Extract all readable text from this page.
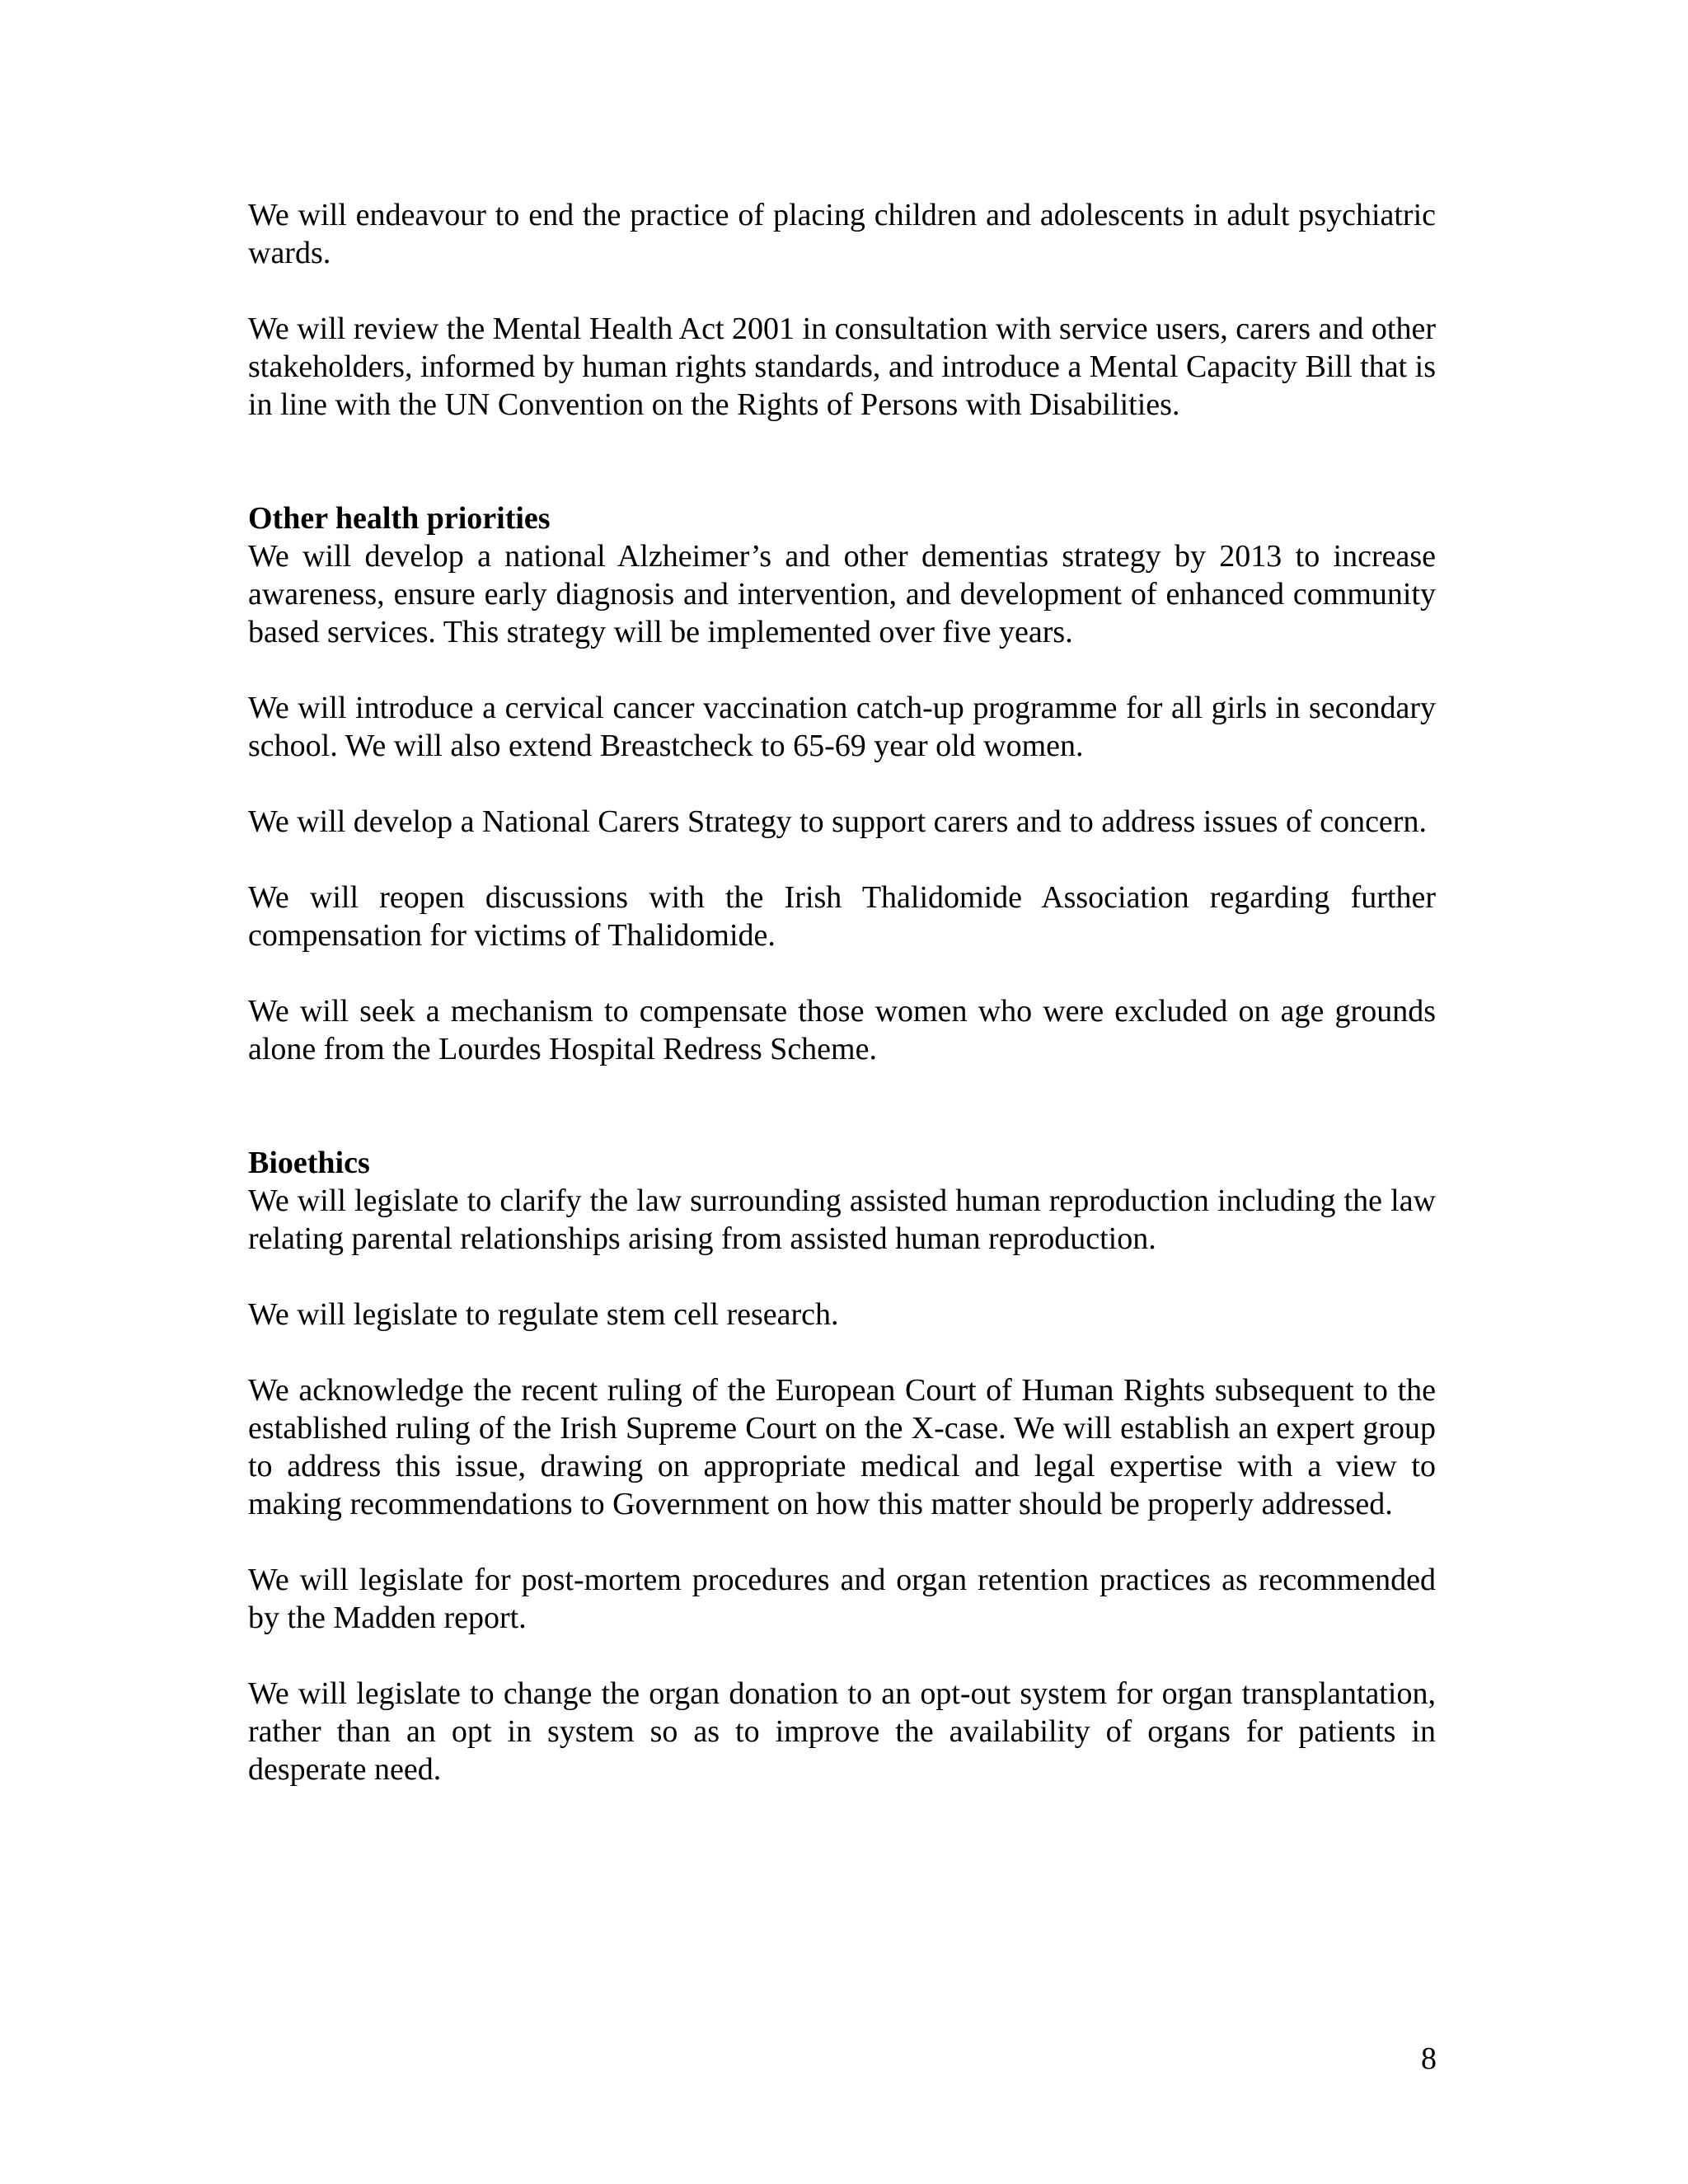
We will endeavour to end the practice of placing children and adolescents in adult psychiatric wards.

We will review the Mental Health Act 2001 in consultation with service users, carers and other stakeholders, informed by human rights standards, and introduce a Mental Capacity Bill that is in line with the UN Convention on the Rights of Persons with Disabilities.

Other health priorities

We will develop a national Alzheimer’s and other dementias strategy by 2013 to increase awareness, ensure early diagnosis and intervention, and development of enhanced community based services. This strategy will be implemented over five years.

We will introduce a cervical cancer vaccination catch-up programme for all girls in secondary school. We will also extend Breastcheck to 65-69 year old women.

We will develop a National Carers Strategy to support carers and to address issues of concern.

We will reopen discussions with the Irish Thalidomide Association regarding further compensation for victims of Thalidomide.

We will seek a mechanism to compensate those women who were excluded on age grounds alone from the Lourdes Hospital Redress Scheme.

Bioethics

We will legislate to clarify the law surrounding assisted human reproduction including the law relating parental relationships arising from assisted human reproduction.

We will legislate to regulate stem cell research.

We acknowledge the recent ruling of the European Court of Human Rights subsequent to the established ruling of the Irish Supreme Court on the X-case. We will establish an expert group to address this issue, drawing on appropriate medical and legal expertise with a view to making recommendations to Government on how this matter should be properly addressed.

We will legislate for post-mortem procedures and organ retention practices as recommended by the Madden report.

We will legislate to change the organ donation to an opt-out system for organ transplantation, rather than an opt in system so as to improve the availability of organs for patients in desperate need.

8
